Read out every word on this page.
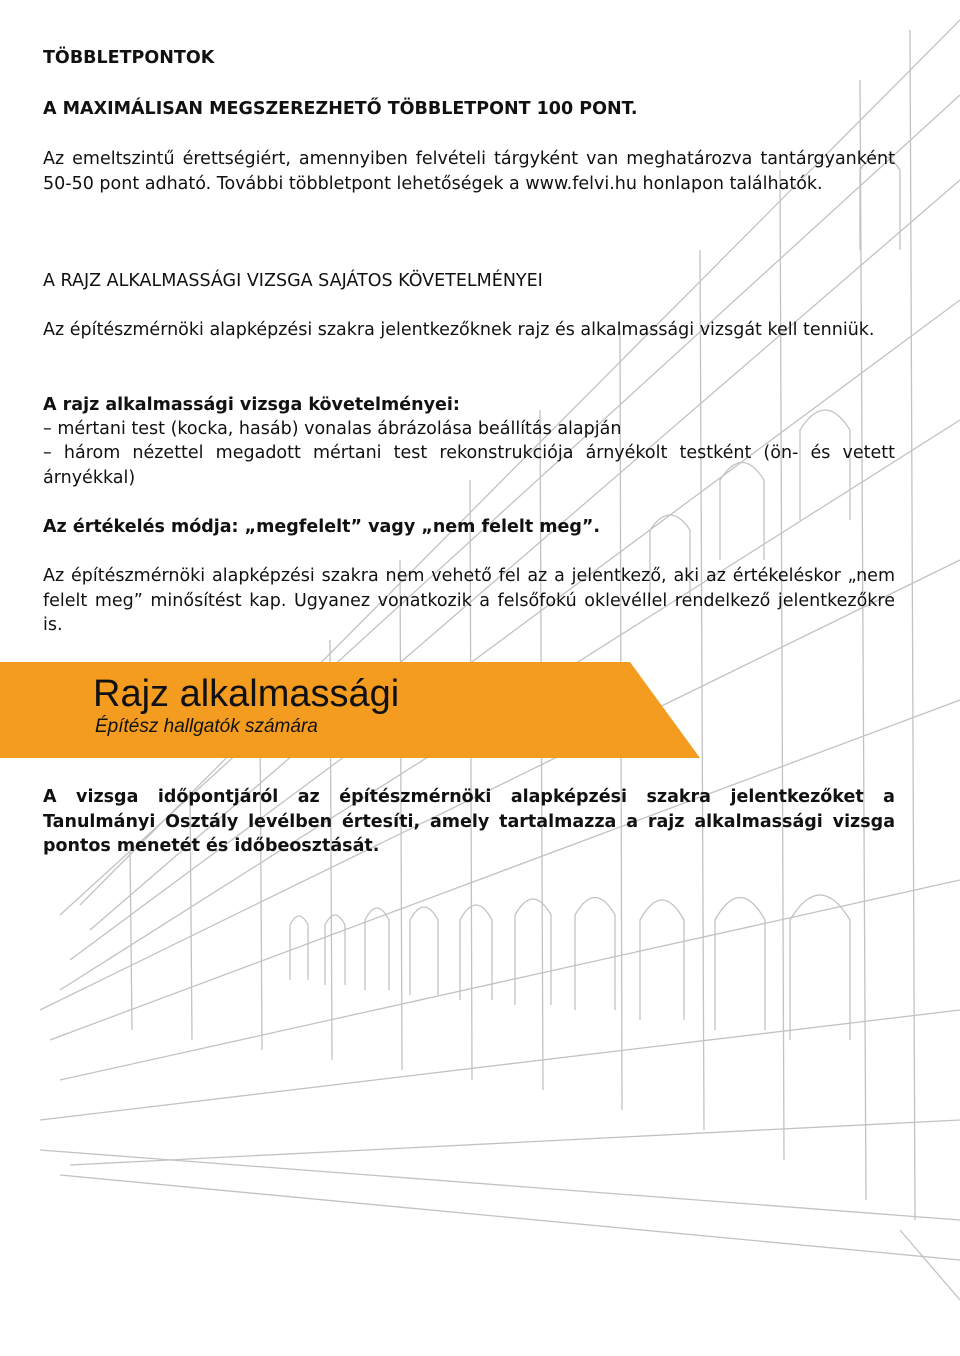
Rajz alkalmassági

Építész hallgatók számára

TÖBBLETPONTOK

A MAXIMÁLISAN MEGSZEREZHETŐ TÖBBLETPONT 100 PONT.

Az emeltszintű érettségiért, amennyiben felvételi tárgyként van meghatározva tantárgyanként 50-50 pont adható. További többletpont lehetőségek a www.felvi.hu honlapon találhatók.

A RAJZ ALKALMASSÁGI VIZSGA SAJÁTOS KÖVETELMÉNYEI

Az építészmérnöki alapképzési szakra jelentkezőknek rajz és alkalmassági vizsgát kell tenniük.

A rajz alkalmassági vizsga követelményei:

– mértani test (kocka, hasáb) vonalas ábrázolása beállítás alapján

– három nézettel megadott mértani test rekonstrukciója árnyékolt testként (ön- és vetett árnyékkal)

Az értékelés módja: „megfelelt” vagy „nem felelt meg”.

Az építészmérnöki alapképzési szakra nem vehető fel az a jelentkező, aki az értékeléskor „nem felelt meg” minősítést kap. Ugyanez vonatkozik a felsőfokú oklevéllel rendelkező jelentkezőkre is.

A vizsga időpontjáról az építészmérnöki alapképzési szakra jelentkezőket a Tanulmányi Osztály levélben értesíti, amely tartalmazza a rajz alkalmassági vizsga pontos menetét és időbeosztását.
